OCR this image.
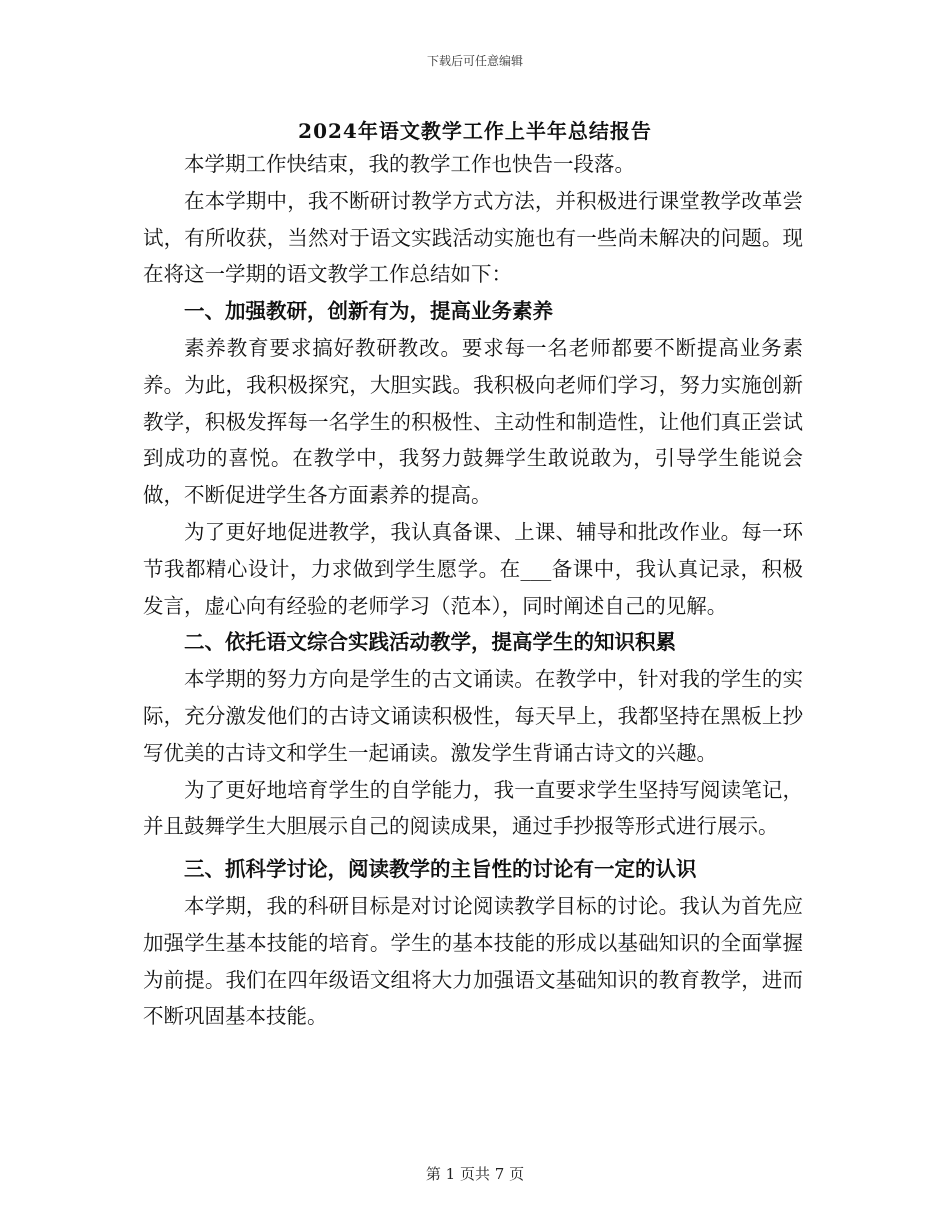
下载后可任意编辑
2024年语文教学工作上半年总结报告

本学期工作快结束，我的教学工作也快告一段落。

在本学期中，我不断研讨教学方式方法，并积极进行课堂教学改革尝试，有所收获，当然对于语文实践活动实施也有一些尚未解决的问题。现在将这一学期的语文教学工作总结如下：

一、加强教研，创新有为，提高业务素养

素养教育要求搞好教研教改。要求每一名老师都要不断提高业务素养。为此，我积极探究，大胆实践。我积极向老师们学习，努力实施创新教学，积极发挥每一名学生的积极性、主动性和制造性，让他们真正尝试到成功的喜悦。在教学中，我努力鼓舞学生敢说敢为，引导学生能说会做，不断促进学生各方面素养的提高。

为了更好地促进教学，我认真备课、上课、辅导和批改作业。每一环节我都精心设计，力求做到学生愿学。在___备课中，我认真记录，积极发言，虚心向有经验的老师学习（范本），同时阐述自己的见解。

二、依托语文综合实践活动教学，提高学生的知识积累

本学期的努力方向是学生的古文诵读。在教学中，针对我的学生的实际，充分激发他们的古诗文诵读积极性，每天早上，我都坚持在黑板上抄写优美的古诗文和学生一起诵读。激发学生背诵古诗文的兴趣。

为了更好地培育学生的自学能力，我一直要求学生坚持写阅读笔记，并且鼓舞学生大胆展示自己的阅读成果，通过手抄报等形式进行展示。

三、抓科学讨论，阅读教学的主旨性的讨论有一定的认识

本学期，我的科研目标是对讨论阅读教学目标的讨论。我认为首先应加强学生基本技能的培育。学生的基本技能的形成以基础知识的全面掌握为前提。我们在四年级语文组将大力加强语文基础知识的教育教学，进而不断巩固基本技能。

第 1 页共 7 页
